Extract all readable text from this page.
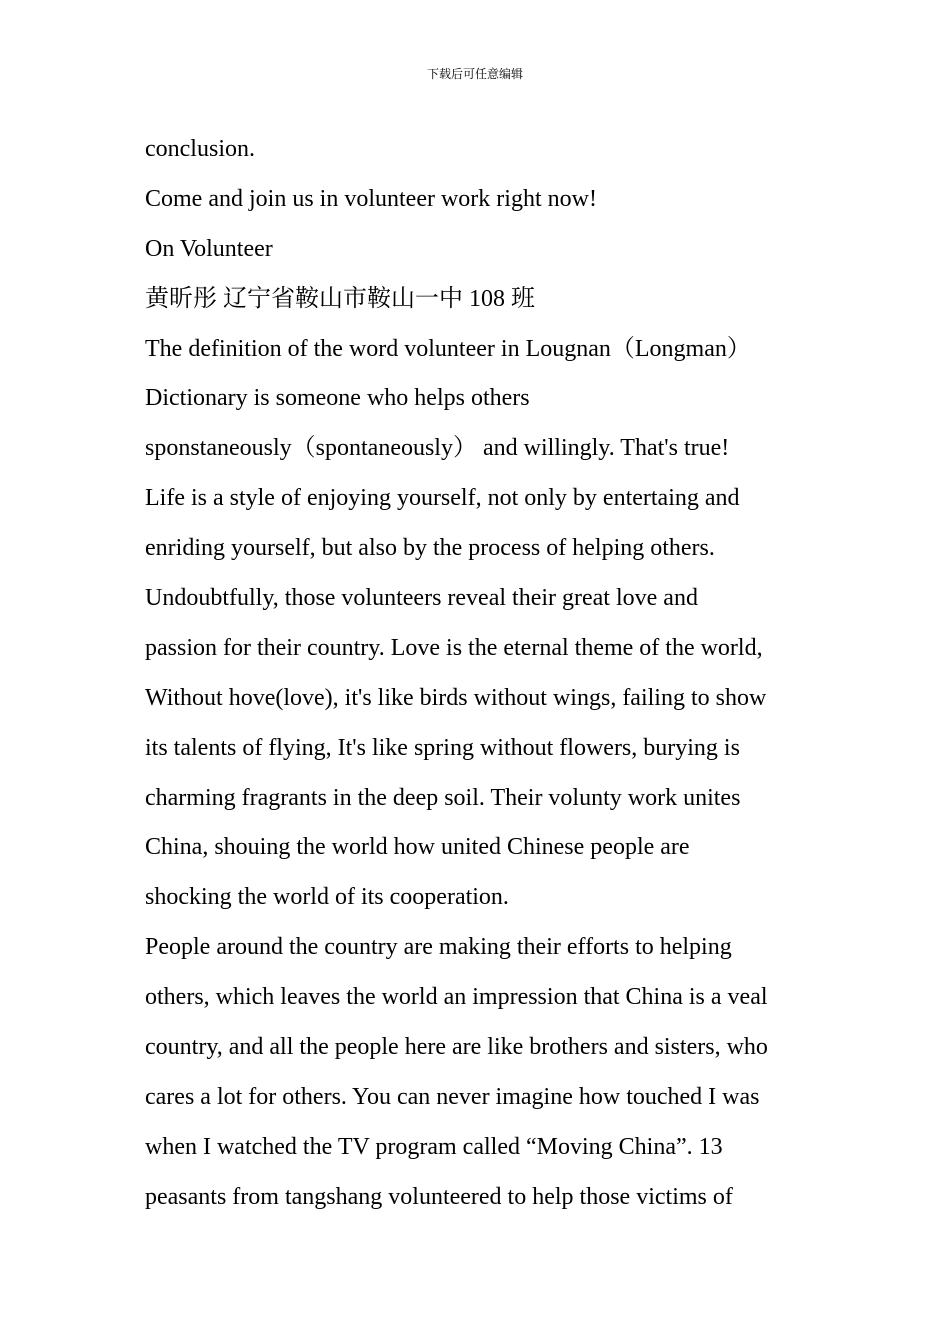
下载后可任意编辑
conclusion.
Come and join us in volunteer work right now!
On Volunteer
黄昕彤 辽宁省鞍山市鞍山一中 108 班
The definition of the word volunteer in Lougnan（Longman）
Dictionary is someone who helps others
sponstaneously（spontaneously） and willingly. That's true!
Life is a style of enjoying yourself, not only by entertaing and
enriding yourself, but also by the process of helping others.
Undoubtfully, those volunteers reveal their great love and
passion for their country. Love is the eternal theme of the world,
Without hove(love), it's like birds without wings, failing to show
its talents of flying, It's like spring without flowers, burying is
charming fragrants in the deep soil. Their volunty work unites
China, shouing the world how united Chinese people are
shocking the world of its cooperation.
People around the country are making their efforts to helping
others, which leaves the world an impression that China is a veal
country, and all the people here are like brothers and sisters, who
cares a lot for others. You can never imagine how touched I was
when I watched the TV program called “Moving China”. 13
peasants from tangshang volunteered to help those victims of
